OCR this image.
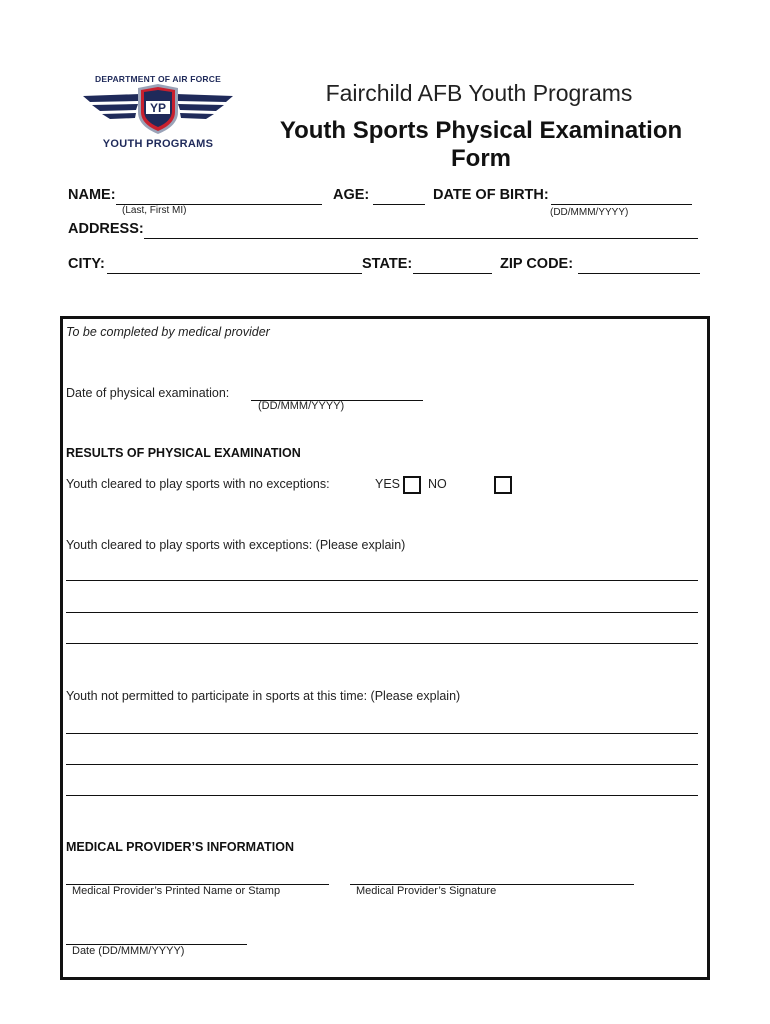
DEPARTMENT OF AIR FORCE
YP
YOUTH PROGRAMS
Fairchild AFB Youth Programs
Youth Sports Physical Examination Form
NAME:
(Last, First MI)
AGE:	DATE OF BIRTH:
(DD/MMM/YYYY)
ADDRESS:
CITY:	STATE:	ZIP CODE:
To be completed by medical provider
Date of physical examination:
(DD/MMM/YYYY)
RESULTS OF PHYSICAL EXAMINATION
Youth cleared to play sports with no exceptions:	YES NO
Youth cleared to play sports with exceptions: (Please explain)
Youth not permitted to participate in sports at this time: (Please explain)
MEDICAL PROVIDER’S INFORMATION
Medical Provider’s Printed Name or Stamp	Medical Provider’s Signature
Date (DD/MMM/YYYY)
